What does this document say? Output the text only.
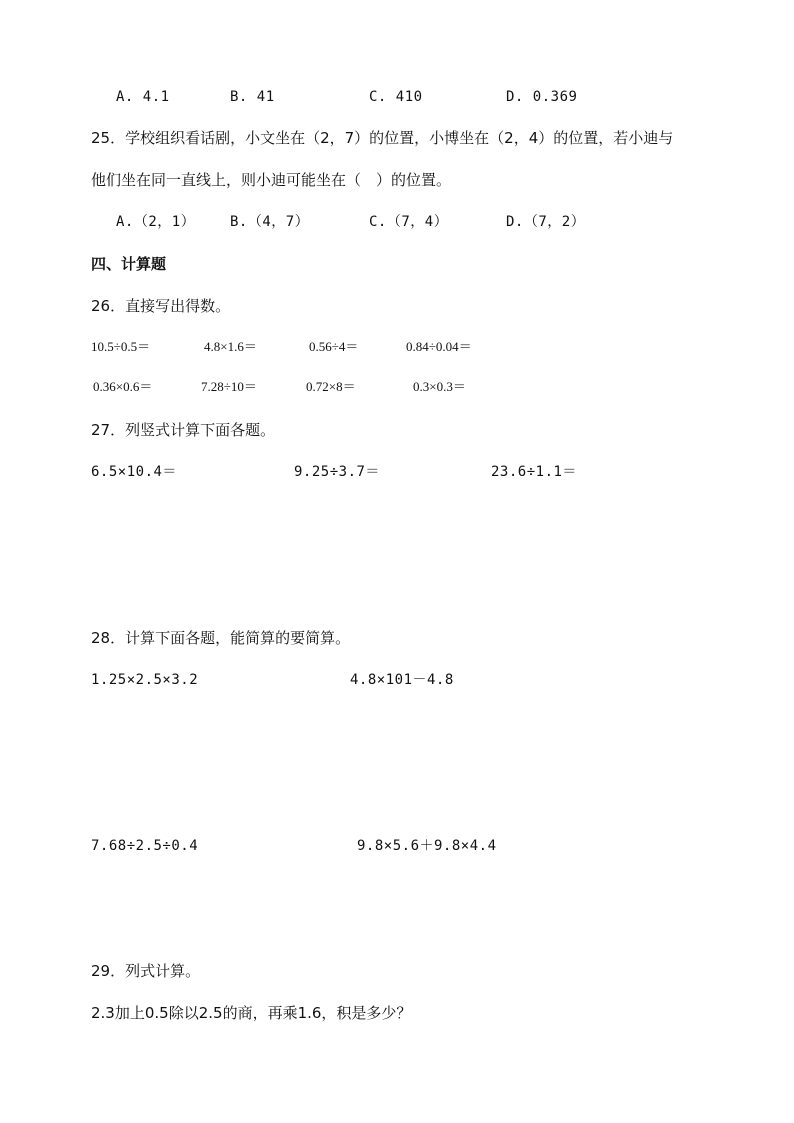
A. 4.1	B. 41	C. 410	D. 0.369
25．学校组织看话剧，小文坐在（2，7）的位置，小博坐在（2，4）的位置，若小迪与
他们坐在同一直线上，则小迪可能坐在（　）的位置。
A.（2，1） B.（4，7）	C.（7，4）	D.（7，2）
四、计算题
26．直接写出得数。
10.5÷0.5＝	4.8×1.6＝	0.56÷4＝	0.84÷0.04＝
0.36×0.6＝	7.28÷10＝	0.72×8＝	0.3×0.3＝
27．列竖式计算下面各题。
6.5×10.4＝	9.25÷3.7＝	23.6÷1.1＝
28．计算下面各题，能简算的要简算。
1.25×2.5×3.2	4.8×101－4.8
7.68÷2.5÷0.4	9.8×5.6＋9.8×4.4
29．列式计算。
2.3加上0.5除以2.5的商，再乘1.6，积是多少？
